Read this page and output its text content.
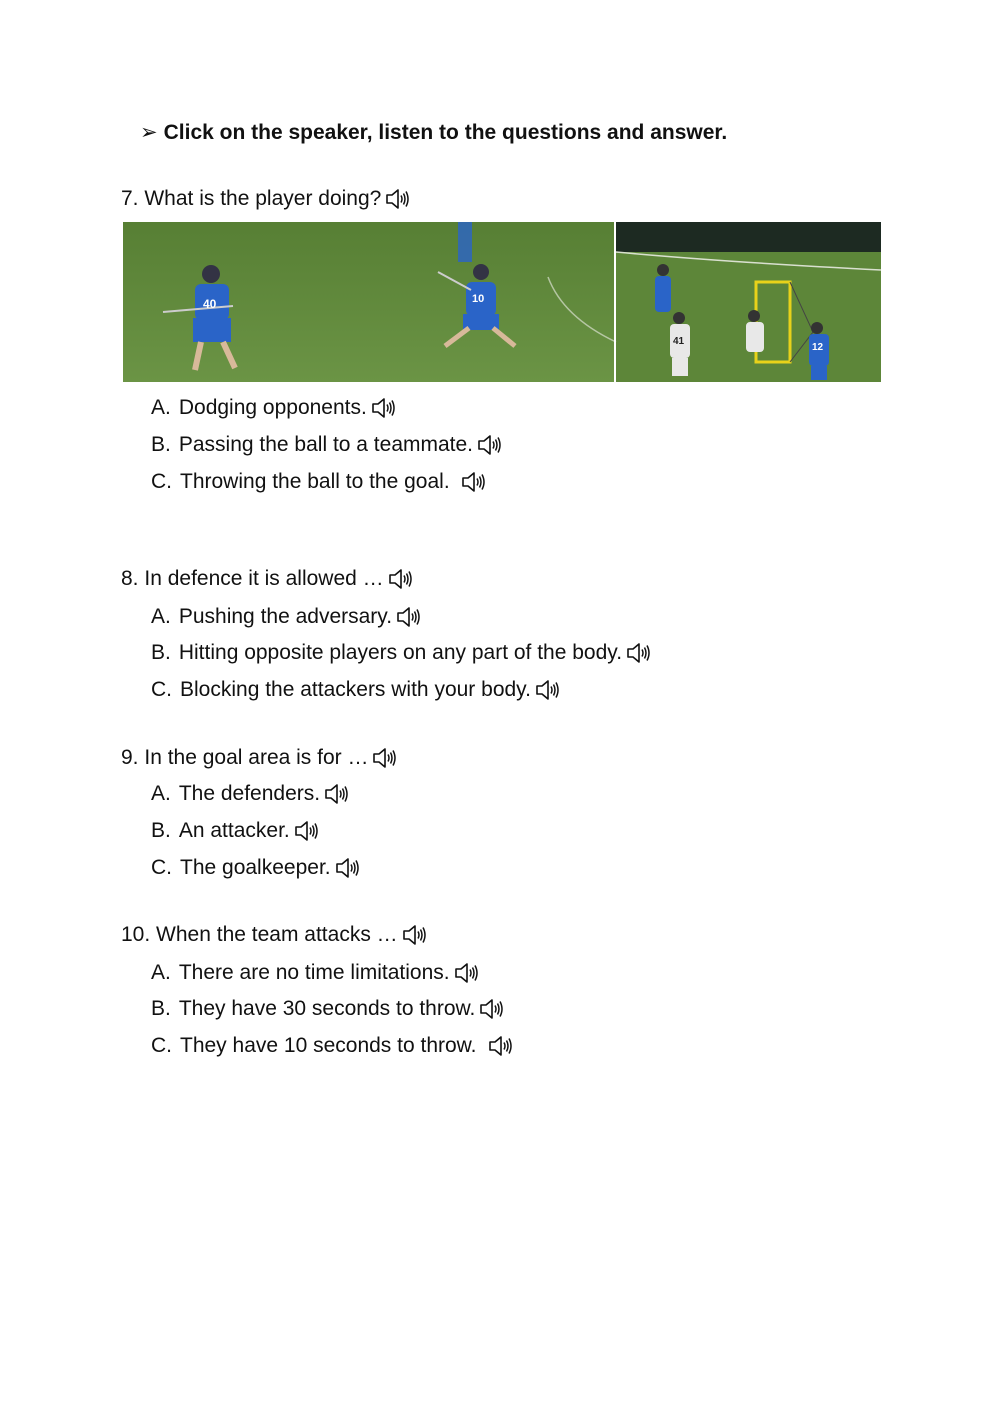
➢ Click on the speaker, listen to the questions and answer.
7.
What is the player doing?
40	10
41
12
A. Dodging opponents.
B. Passing the ball to a teammate.
C. Throwing the ball to the goal.
8.
In defence it is allowed …
A. Pushing the adversary.
B. Hitting opposite players on any part of the body.
C. Blocking the attackers with your body.
9.
In the goal area is for …
A. The defenders.
B. An attacker.
C. The goalkeeper.
10.
When the team attacks …
A. There are no time limitations.
B. They have 30 seconds to throw.
C. They have 10 seconds to throw.
